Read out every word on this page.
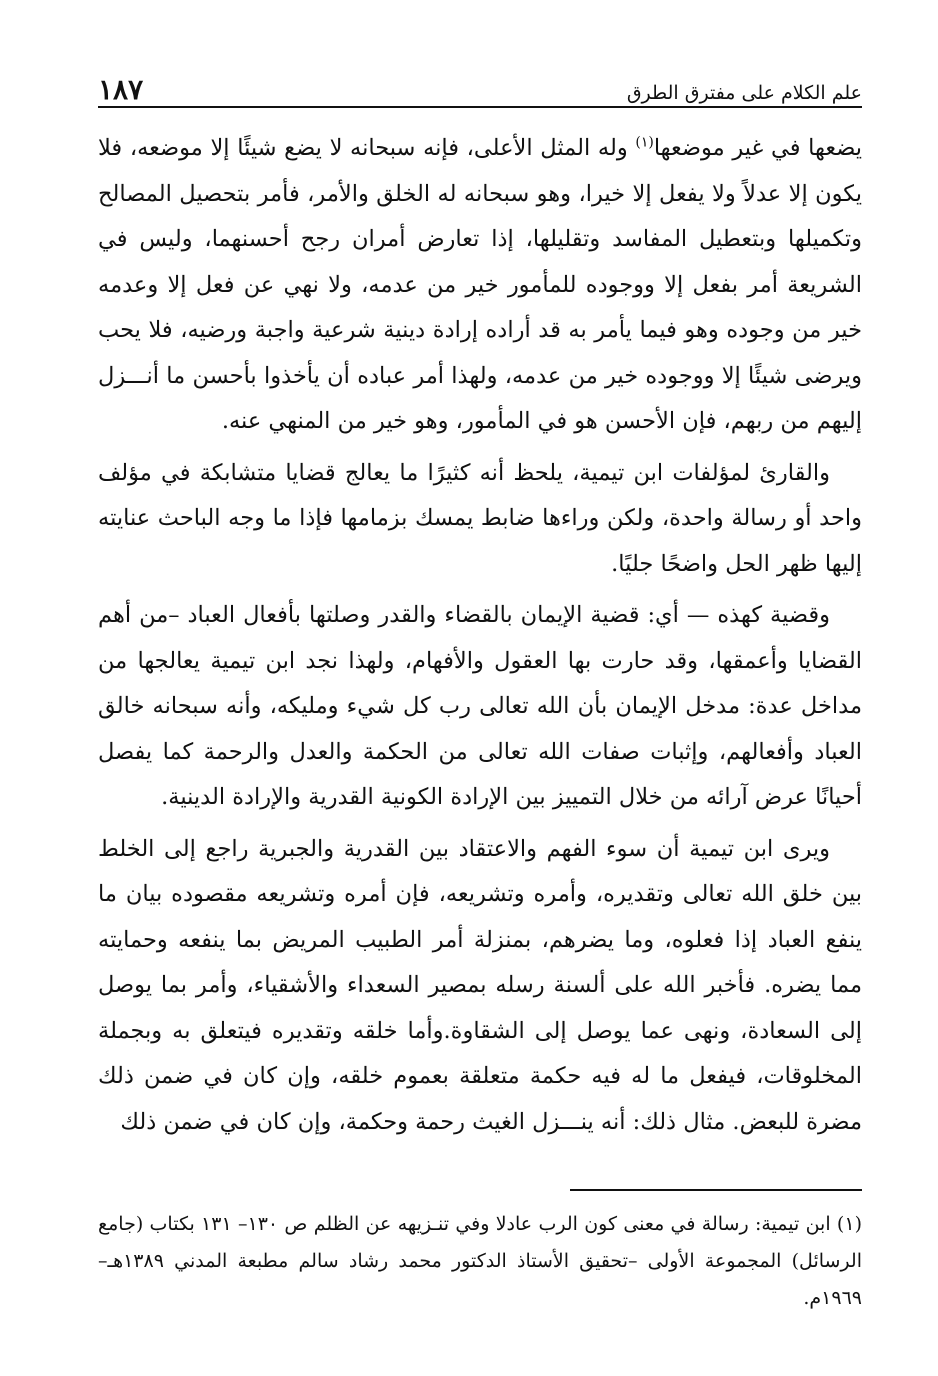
علم الكلام على مفترق الطرق
١٨٧

يضعها في غير موضعها$^{(١)}$ وله المثل الأعلى، فإنه سبحانه لا يضع شيئًا إلا موضعه، فلا يكون إلا عدلاً ولا يفعل إلا خيرا، وهو سبحانه له الخلق والأمر، فأمر بتحصيل المصالح وتكميلها وبتعطيل المفاسد وتقليلها، إذا تعارض أمران رجح أحسنهما، وليس في الشريعة أمر بفعل إلا ووجوده للمأمور خير من عدمه، ولا نهي عن فعل إلا وعدمه خير من وجوده وهو فيما يأمر به قد أراده إرادة دينية شرعية واجبة ورضيه، فلا يحب ويرضى شيئًا إلا ووجوده خير من عدمه، ولهذا أمر عباده أن يأخذوا بأحسن ما أنـــزل إليهم من ربهم، فإن الأحسن هو في المأمور، وهو خير من المنهي عنه.

والقارئ لمؤلفات ابن تيمية، يلحظ أنه كثيرًا ما يعالج قضايا متشابكة في مؤلف واحد أو رسالة واحدة، ولكن وراءها ضابط يمسك بزمامها فإذا ما وجه الباحث عنايته إليها ظهر الحل واضحًا جليًا.

وقضية كهذه — أي: قضية الإيمان بالقضاء والقدر وصلتها بأفعال العباد –من أهم القضايا وأعمقها، وقد حارت بها العقول والأفهام، ولهذا نجد ابن تيمية يعالجها من مداخل عدة: مدخل الإيمان بأن الله تعالى رب كل شيء ومليكه، وأنه سبحانه خالق العباد وأفعالهم، وإثبات صفات الله تعالى من الحكمة والعدل والرحمة كما يفصل أحيانًا عرض آرائه من خلال التمييز بين الإرادة الكونية القدرية والإرادة الدينية.

ويرى ابن تيمية أن سوء الفهم والاعتقاد بين القدرية والجبرية راجع إلى الخلط بين خلق الله تعالى وتقديره، وأمره وتشريعه، فإن أمره وتشريعه مقصوده بيان ما ينفع العباد إذا فعلوه، وما يضرهم، بمنزلة أمر الطبيب المريض بما ينفعه وحمايته مما يضره. فأخبر الله على ألسنة رسله بمصير السعداء والأشقياء، وأمر بما يوصل إلى السعادة، ونهى عما يوصل إلى الشقاوة.وأما خلقه وتقديره فيتعلق به وبجملة المخلوقات، فيفعل ما له فيه حكمة متعلقة بعموم خلقه، وإن كان في ضمن ذلك مضرة للبعض. مثال ذلك: أنه ينـــزل الغيث رحمة وحكمة، وإن كان في ضمن ذلك

(١) ابن تيمية: رسالة في معنى كون الرب عادلا وفي تنـزيهه عن الظلم ص ١٣٠– ١٣١ بكتاب (جامع الرسائل) المجموعة الأولى –تحقيق الأستاذ الدكتور محمد رشاد سالم مطبعة المدني ١٣٨٩هـ– ١٩٦٩م.
